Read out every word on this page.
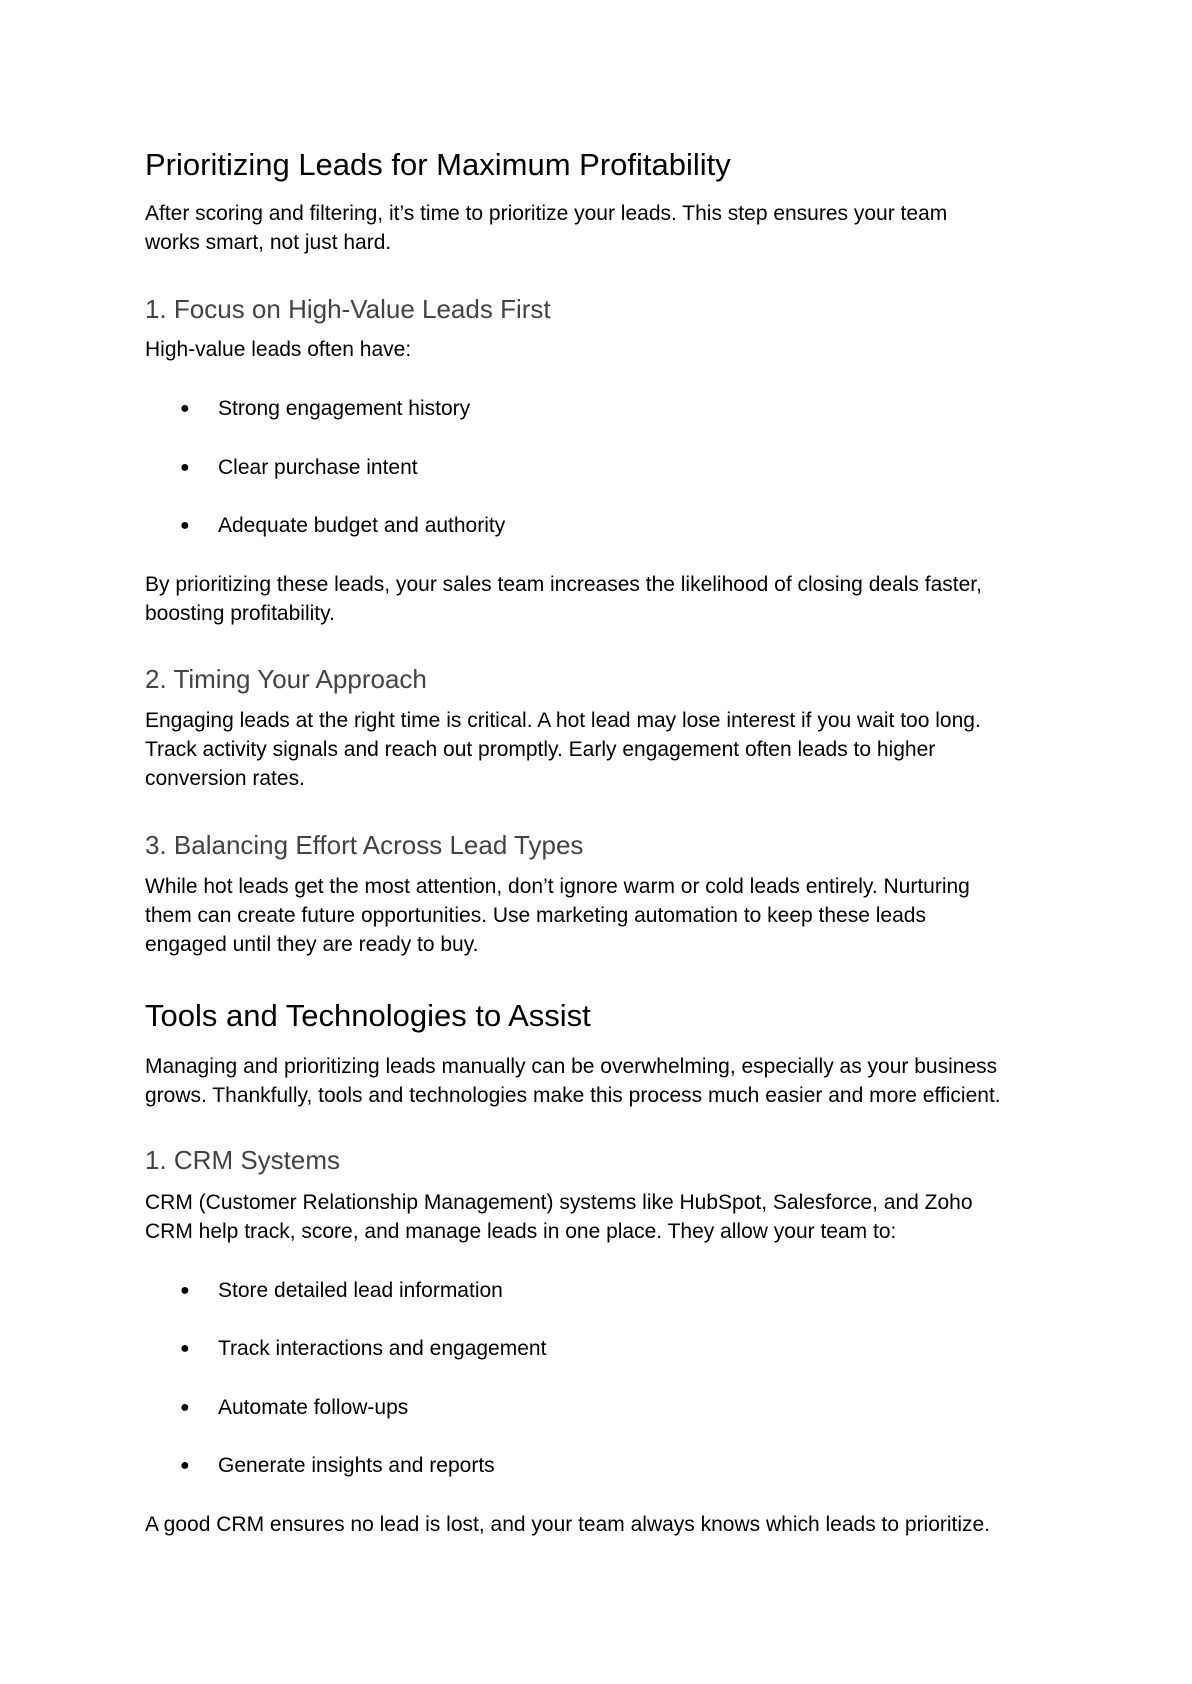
Prioritizing Leads for Maximum Profitability
After scoring and filtering, it’s time to prioritize your leads. This step ensures your team
works smart, not just hard.
1. Focus on High-Value Leads First
High-value leads often have:
● Strong engagement history
● Clear purchase intent
● Adequate budget and authority
By prioritizing these leads, your sales team increases the likelihood of closing deals faster,
boosting profitability.
2. Timing Your Approach
Engaging leads at the right time is critical. A hot lead may lose interest if you wait too long.
Track activity signals and reach out promptly. Early engagement often leads to higher
conversion rates.
3. Balancing Effort Across Lead Types
While hot leads get the most attention, don’t ignore warm or cold leads entirely. Nurturing
them can create future opportunities. Use marketing automation to keep these leads
engaged until they are ready to buy.
Tools and Technologies to Assist
Managing and prioritizing leads manually can be overwhelming, especially as your business
grows. Thankfully, tools and technologies make this process much easier and more efficient.
1. CRM Systems
CRM (Customer Relationship Management) systems like HubSpot, Salesforce, and Zoho
CRM help track, score, and manage leads in one place. They allow your team to:
● Store detailed lead information
● Track interactions and engagement
● Automate follow-ups
● Generate insights and reports
A good CRM ensures no lead is lost, and your team always knows which leads to prioritize.
